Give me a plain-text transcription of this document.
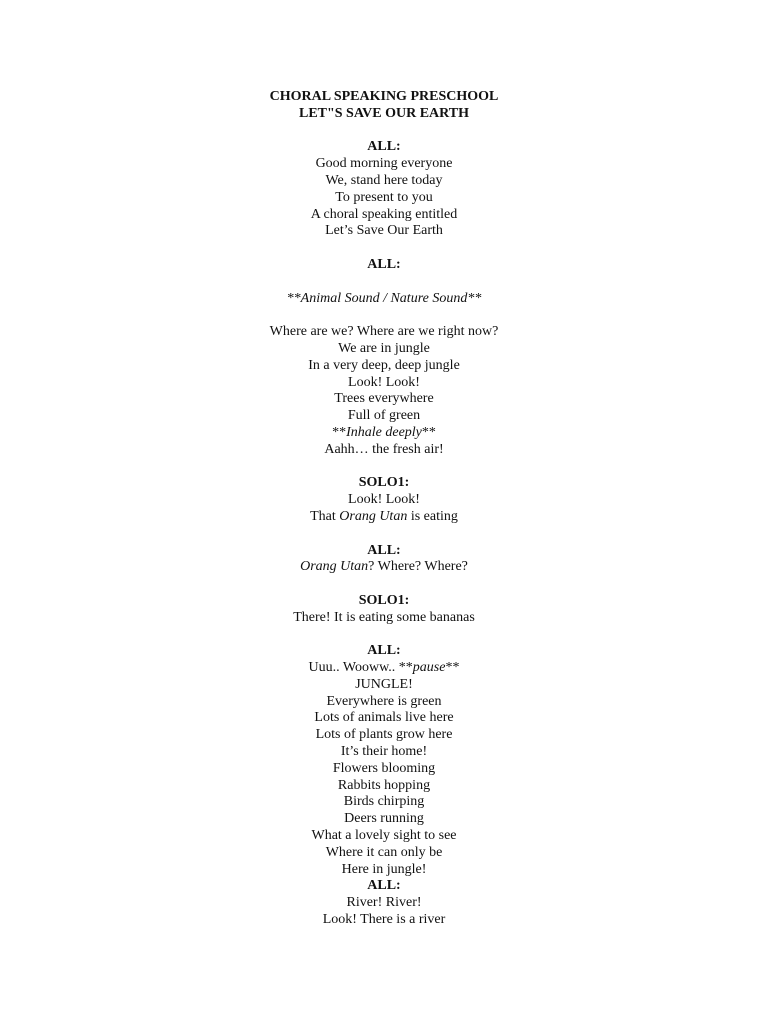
CHORAL SPEAKING PRESCHOOL
LET"S SAVE OUR EARTH
ALL:
Good morning everyone
We, stand here today
To present to you
A choral speaking entitled
Let’s Save Our Earth
ALL:
**Animal Sound / Nature Sound**
Where are we? Where are we right now?
We are in jungle
In a very deep, deep jungle
Look! Look!
Trees everywhere
Full of green
**Inhale deeply**
Aahh… the fresh air!
SOLO1:
Look! Look!
That Orang Utan is eating
ALL:
Orang Utan? Where? Where?
SOLO1:
There! It is eating some bananas
ALL:
Uuu.. Wooww.. **pause**
JUNGLE!
Everywhere is green
Lots of animals live here
Lots of plants grow here
It’s their home!
Flowers blooming
Rabbits hopping
Birds chirping
Deers running
What a lovely sight to see
Where it can only be
Here in jungle!
ALL:
River! River!
Look! There is a river
